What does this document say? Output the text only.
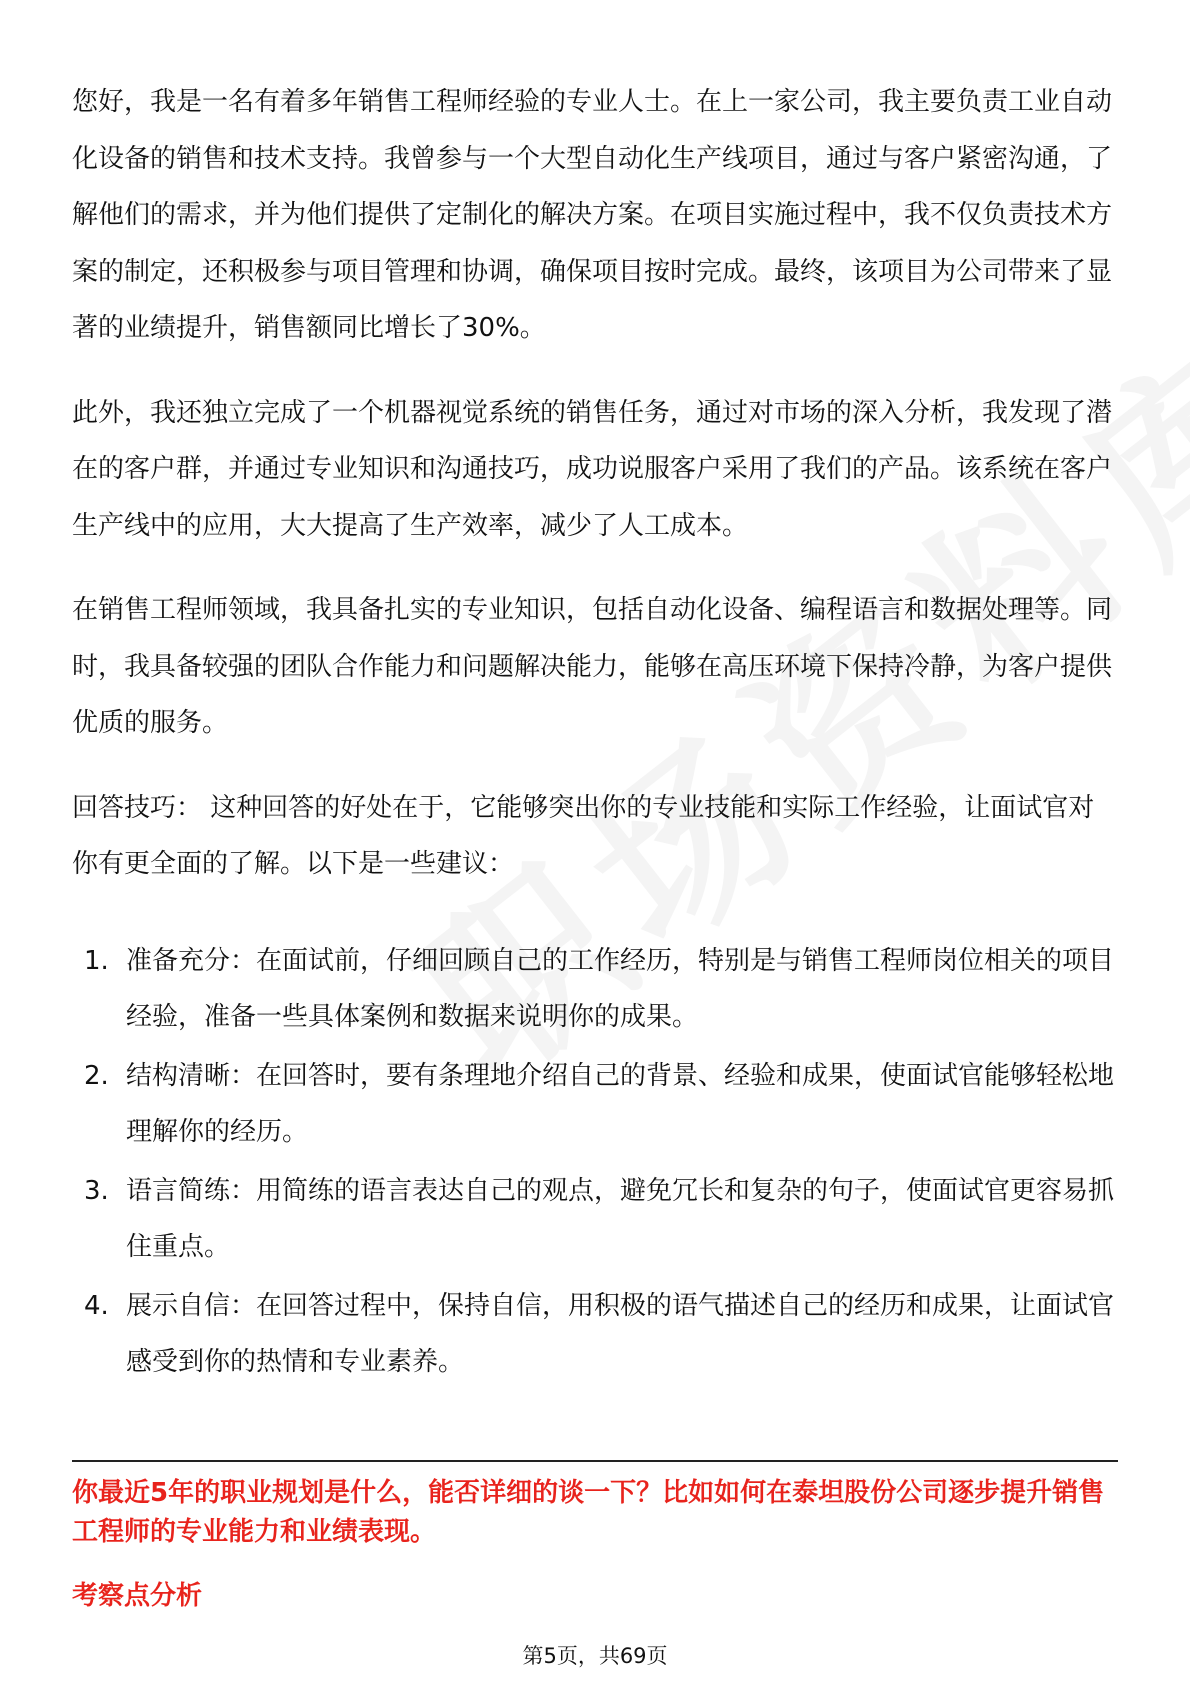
您好，我是一名有着多年销售工程师经验的专业人士。在上一家公司，我主要负责工业自动化设备的销售和技术支持。我曾参与一个大型自动化生产线项目，通过与客户紧密沟通，了解他们的需求，并为他们提供了定制化的解决方案。在项目实施过程中，我不仅负责技术方案的制定，还积极参与项目管理和协调，确保项目按时完成。最终，该项目为公司带来了显著的业绩提升，销售额同比增长了30%。

此外，我还独立完成了一个机器视觉系统的销售任务，通过对市场的深入分析，我发现了潜在的客户群，并通过专业知识和沟通技巧，成功说服客户采用了我们的产品。该系统在客户生产线中的应用，大大提高了生产效率，减少了人工成本。

在销售工程师领域，我具备扎实的专业知识，包括自动化设备、编程语言和数据处理等。同时，我具备较强的团队合作能力和问题解决能力，能够在高压环境下保持冷静，为客户提供优质的服务。

回答技巧： 这种回答的好处在于，它能够突出你的专业技能和实际工作经验，让面试官对你有更全面的了解。以下是一些建议：

1. 准备充分：在面试前，仔细回顾自己的工作经历，特别是与销售工程师岗位相关的项目经验，准备一些具体案例和数据来说明你的成果。
2. 结构清晰：在回答时，要有条理地介绍自己的背景、经验和成果，使面试官能够轻松地理解你的经历。
3. 语言简练：用简练的语言表达自己的观点，避免冗长和复杂的句子，使面试官更容易抓住重点。
4. 展示自信：在回答过程中，保持自信，用积极的语气描述自己的经历和成果，让面试官感受到你的热情和专业素养。

你最近5年的职业规划是什么，能否详细的谈一下？比如如何在泰坦股份公司逐步提升销售工程师的专业能力和业绩表现。

考察点分析

第5页，共69页
